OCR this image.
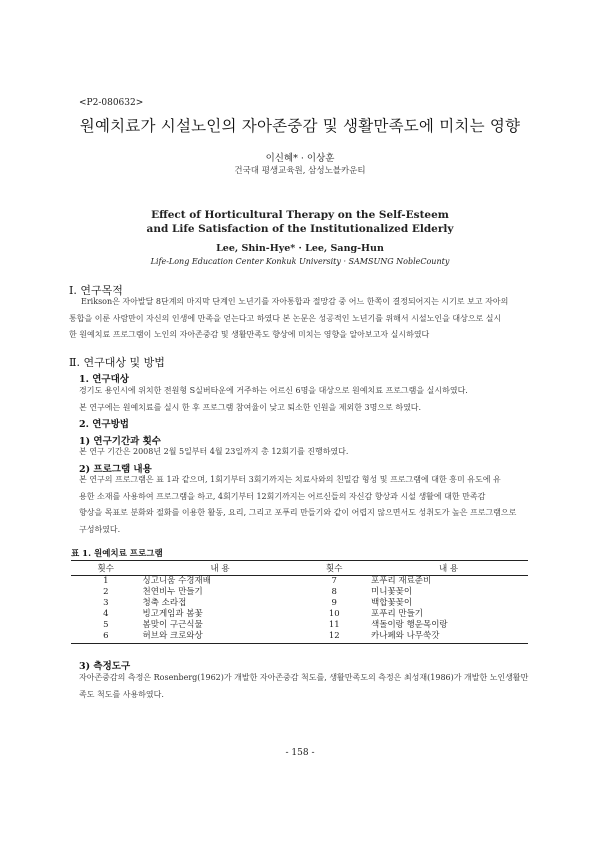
<P2-080632>
원예치료가 시설노인의 자아존중감 및 생활만족도에 미치는 영향
이신혜* · 이상훈
건국대 평생교육원, 삼성노블카운티
Effect of Horticultural Therapy on the Self-Esteem
and Life Satisfaction of the Institutionalized Elderly
Lee, Shin-Hye* · Lee, Sang-Hun
Life-Long Education Center Konkuk University · SAMSUNG NobleCounty
Ⅰ. 연구목적
Erikson은 자아발달 8단계의 마지막 단계인 노년기를 자아통합과 절망감 중 어느 한쪽이 결정되어지는 시기로 보고 자아의
통합을 이룬 사람만이 자신의 인생에 만족을 얻는다고 하였다 본 논문은 성공적인 노년기를 위해서 시설노인을 대상으로 실시
한 원예치료 프로그램이 노인의 자아존중감 및 생활만족도 향상에 미치는 영향을 알아보고자 실시하였다
Ⅱ. 연구대상 및 방법
1. 연구대상
경기도 용인시에 위치한 전원형 S실버타운에 거주하는 어르신 6명을 대상으로 원예치료 프로그램을 실시하였다.
본 연구에는 원예치료를 실시 한 후 프로그램 참여율이 낮고 퇴소한 인원을 제외한 3명으로 하였다.
2. 연구방법
1) 연구기간과 횟수
본 연구 기간은 2008년 2월 5일부터 4월 23일까지 총 12회기를 진행하였다.
2) 프로그램 내용
본 연구의 프로그램은 표 1과 같으며, 1회기부터 3회기까지는 치료사와의 친밀감 형성 및 프로그램에 대한 흥미 유도에 유
용한 소재를 사용하여 프로그램을 하고, 4회기부터 12회기까지는 어르신들의 자신감 향상과 시설 생활에 대한 만족감
향상을 목표로 분화와 절화를 이용한 활동, 요리, 그리고 포푸리 만들기와 같이 어렵지 않으면서도 성취도가 높은 프로그램으로
구성하였다.
표 1. 원예치료 프로그램
횟수	내 용	횟수	내 용
1	싱고니움 수경재배	7	포푸리 재료준비
2	천연비누 만들기	8	미니꽃꽂이
3	청축 소라접	9	백합꽃꽂이
4	빙고게임과 봄꽃	10	포푸리 만들기
5	봄맞이 구근식물	11	색돌이랑 행운목이랑
6	허브와 크로와상	12	카나페와 나무쑥갓
3) 측정도구
자아존중감의 측정은 Rosenberg(1962)가 개발한 자아존중감 척도를, 생활만족도의 측정은 최성재(1986)가 개발한 노인생활만
족도 척도를 사용하였다.
- 158 -
